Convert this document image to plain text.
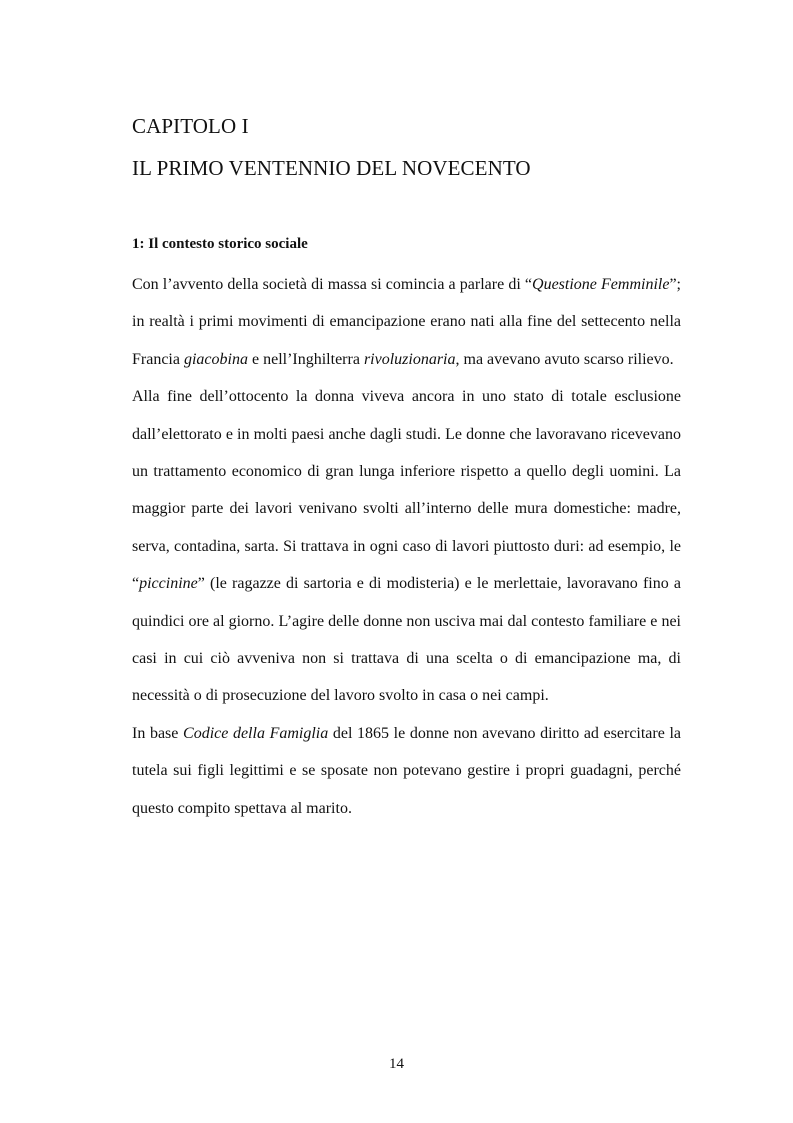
CAPITOLO I
IL PRIMO VENTENNIO DEL NOVECENTO
1: Il contesto storico sociale

Con l’avvento della società di massa si comincia a parlare di “Questione Femminile”; in realtà i primi movimenti di emancipazione erano nati alla fine del settecento nella Francia giacobina e nell’Inghilterra rivoluzionaria, ma avevano avuto scarso rilievo.

Alla fine dell’ottocento la donna viveva ancora in uno stato di totale esclusione dall’elettorato e in molti paesi anche dagli studi. Le donne che lavoravano ricevevano un trattamento economico di gran lunga inferiore rispetto a quello degli uomini. La maggior parte dei lavori venivano svolti all’interno delle mura domestiche: madre, serva, contadina, sarta. Si trattava in ogni caso di lavori piuttosto duri: ad esempio, le “piccinine” (le ragazze di sartoria e di modisteria) e le merlettaie, lavoravano fino a quindici ore al giorno. L’agire delle donne non usciva mai dal contesto familiare e nei casi in cui ciò avveniva non si trattava di una scelta o di emancipazione ma, di necessità o di prosecuzione del lavoro svolto in casa o nei campi.

In base Codice della Famiglia del 1865 le donne non avevano diritto ad esercitare la tutela sui figli legittimi e se sposate non potevano gestire i propri guadagni, perché questo compito spettava al marito.

14
